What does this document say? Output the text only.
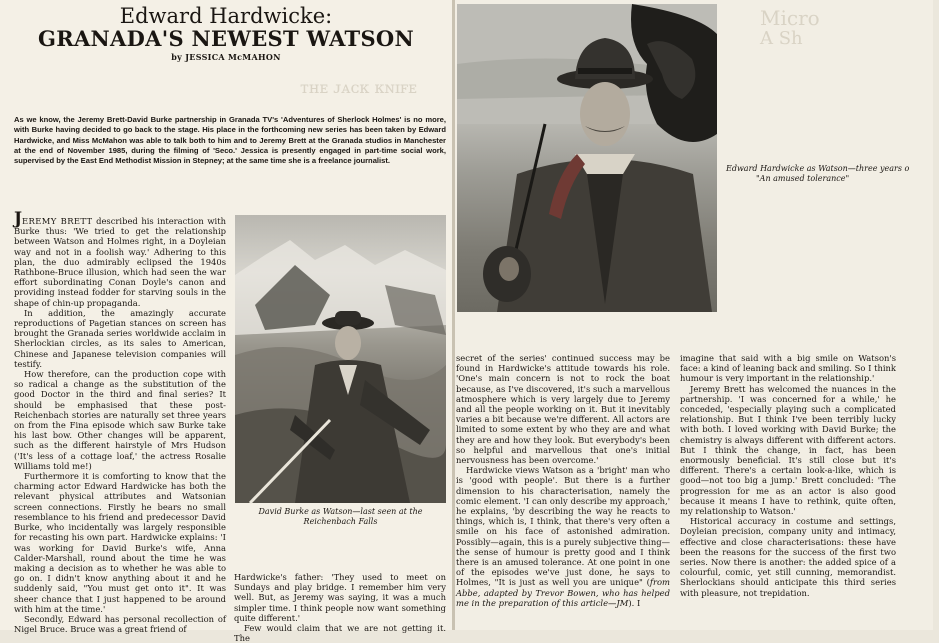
ᴛʜᴇ ᴊᴀᴄᴋ ᴋɴɪꜰᴇ
Edward Hardwicke:
GRANADA'S NEWEST WATSON
by JESSICA McMAHON
As we know, the Jeremy Brett-David Burke partnership in Granada TV's 'Adventures of Sherlock Holmes' is no more, with Burke having decided to go back to the stage. His place in the forthcoming new series has been taken by Edward Hardwicke, and Miss McMahon was able to talk both to him and to Jeremy Brett at the Granada studios in Manchester at the end of November 1985, during the filming of 'Seco.' Jessica is presently engaged in part-time social work, supervised by the East End Methodist Mission in Stepney; at the same time she is a freelance journalist.

JEREMY BRETT described his interaction with Burke thus: 'We tried to get the relationship between Watson and Holmes right, in a Doyleian way and not in a foolish way.' Adhering to this plan, the duo admirably eclipsed the 1940s Rathbone-Bruce illusion, which had seen the war effort subordinating Conan Doyle's canon and providing instead fodder for starving souls in the shape of chin-up propaganda.

In addition, the amazingly accurate reproductions of Pagetian stances on screen has brought the Granada series worldwide acclaim in Sherlockian circles, as its sales to American, Chinese and Japanese television companies will testify.

How therefore, can the production cope with so radical a change as the substitution of the good Doctor in the third and final series? It should be emphasised that these post-Reichenbach stories are naturally set three years on from the Fina episode which saw Burke take his last bow. Other changes will be apparent, such as the different hairstyle of Mrs Hudson ('It's less of a cottage loaf,' the actress Rosalie Williams told me!)

Furthermore it is comforting to know that the charming actor Edward Hardwicke has both the relevant physical attributes and Watsonian screen connections. Firstly he bears no small resemblance to his friend and predecessor David Burke, who incidentally was largely responsible for recasting his own part. Hardwicke explains: 'I was working for David Burke's wife, Anna Calder-Marshall, round about the time he was making a decision as to whether he was able to go on. I didn't know anything about it and he suddenly said, "You must get onto it". It was sheer chance that I just happened to be around with him at the time.'

Secondly, Edward has personal recollection of Nigel Bruce. Bruce was a great friend of

David Burke as Watson—last seen at the Reichenbach Falls

Hardwicke's father: 'They used to meet on Sundays and play bridge. I remember him very well. But, as Jeremy was saying, it was a much simpler time. I think people now want something quite different.'

Few would claim that we are not getting it. The

Micro
A Sh
Edward Hardwicke as Watson—three years o
"An amused tolerance"

secret of the series' continued success may be found in Hardwicke's attitude towards his role. 'One's main concern is not to rock the boat because, as I've discovered, it's such a marvellous atmosphere which is very largely due to Jeremy and all the people working on it. But it inevitably varies a bit because we're different. All actors are limited to some extent by who they are and what they are and how they look. But everybody's been so helpful and marvellous that one's initial nervousness has been overcome.'

Hardwicke views Watson as a 'bright' man who is 'good with people'. But there is a further dimension to his characterisation, namely the comic element. 'I can only describe my approach,' he explains, 'by describing the way he reacts to things, which is, I think, that there's very often a smile on his face of astonished admiration. Possibly—again, this is a purely subjective thing—the sense of humour is pretty good and I think there is an amused tolerance. At one point in one of the episodes we've just done, he says to Holmes, "It is just as well you are unique" (from Abbe, adapted by Trevor Bowen, who has helped me in the preparation of this article—JM). I

imagine that said with a big smile on Watson's face: a kind of leaning back and smiling. So I think humour is very important in the relationship.'

Jeremy Brett has welcomed the nuances in the partnership. 'I was concerned for a while,' he conceded, 'especially playing such a complicated relationship. But I think I've been terribly lucky with both. I loved working with David Burke; the chemistry is always different with different actors. But I think the change, in fact, has been enormously beneficial. It's still close but it's different. There's a certain look-a-like, which is good—not too big a jump.' Brett concluded: 'The progression for me as an actor is also good because it means I have to rethink, quite often, my relationship to Watson.'

Historical accuracy in costume and settings, Doyleian precision, company unity and intimacy, effective and close characterisations: these have been the reasons for the success of the first two series. Now there is another: the added spice of a colourful, comic, yet still cunning, memorandist. Sherlockians should anticipate this third series with pleasure, not trepidation.
